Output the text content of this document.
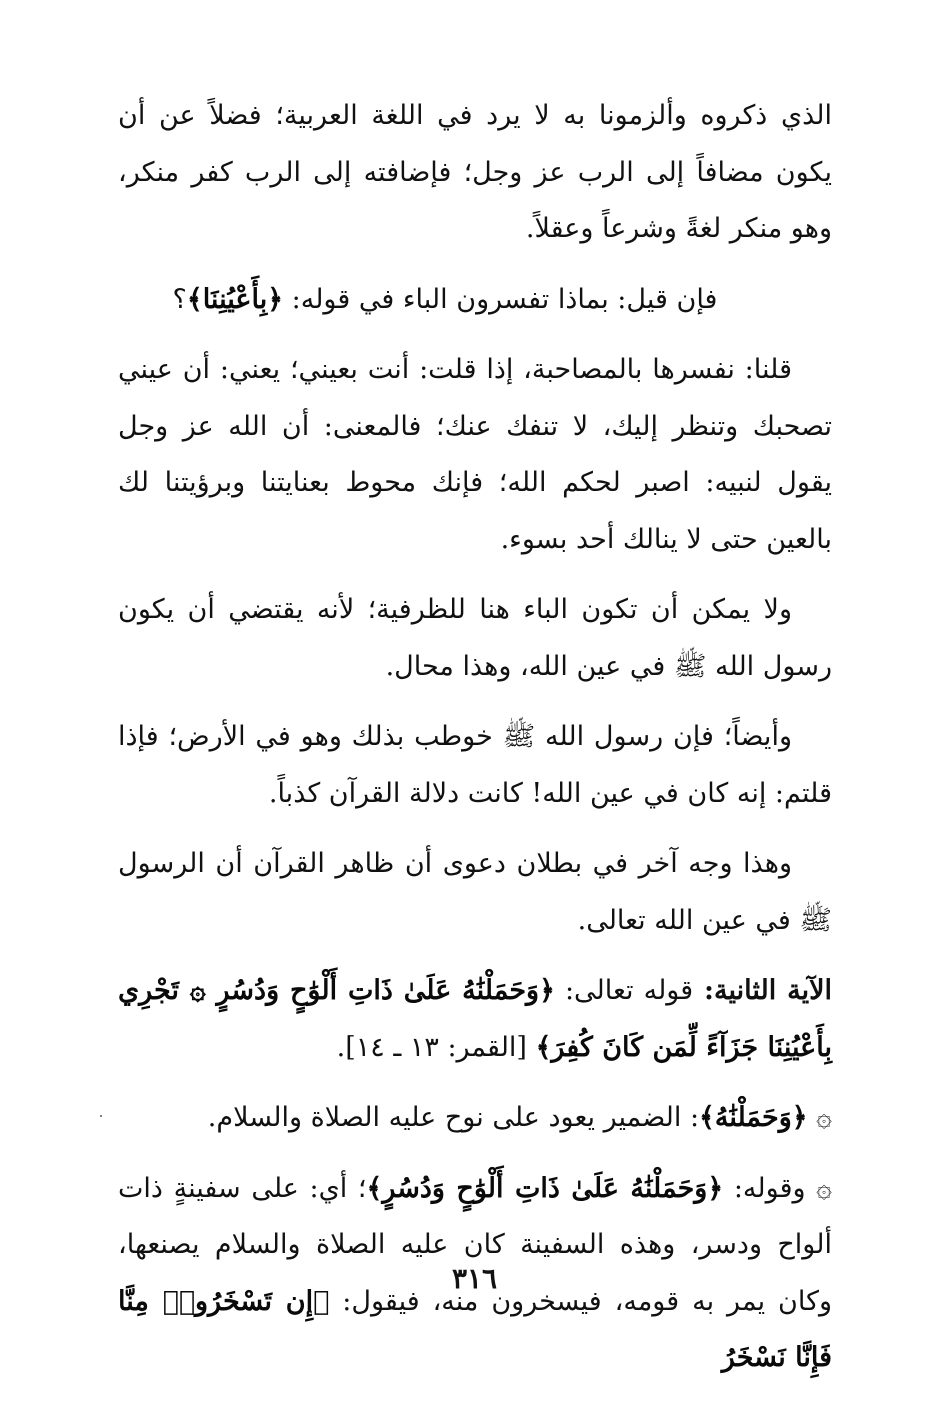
الذي ذكروه وألزمونا به لا يرد في اللغة العربية؛ فضلاً عن أن يكون مضافاً إلى الرب عز وجل؛ فإضافته إلى الرب كفر منكر، وهو منكر لغةً وشرعاً وعقلاً.

فإن قيل: بماذا تفسرون الباء في قوله: ﴿بِأَعْيُنِنَا﴾؟

قلنا: نفسرها بالمصاحبة، إذا قلت: أنت بعيني؛ يعني: أن عيني تصحبك وتنظر إليك، لا تنفك عنك؛ فالمعنى: أن الله عز وجل يقول لنبيه: اصبر لحكم الله؛ فإنك محوط بعنايتنا وبرؤيتنا لك بالعين حتى لا ينالك أحد بسوء.

ولا يمكن أن تكون الباء هنا للظرفية؛ لأنه يقتضي أن يكون رسول الله ﷺ في عين الله، وهذا محال.

وأيضاً؛ فإن رسول الله ﷺ خوطب بذلك وهو في الأرض؛ فإذا قلتم: إنه كان في عين الله! كانت دلالة القرآن كذباً.

وهذا وجه آخر في بطلان دعوى أن ظاهر القرآن أن الرسول ﷺ في عين الله تعالى.

الآية الثانية: قوله تعالى: ﴿وَحَمَلْنَٰهُ عَلَىٰ ذَاتِ أَلْوَٰحٍ وَدُسُرٍ ۞ تَجْرِي بِأَعْيُنِنَا جَزَآءً لِّمَن كَانَ كُفِرَ﴾ [القمر: ١٣ ـ ١٤].

۞ ﴿وَحَمَلْنَٰهُ﴾: الضمير يعود على نوح عليه الصلاة والسلام.

۞ وقوله: ﴿وَحَمَلْنَٰهُ عَلَىٰ ذَاتِ أَلْوَٰحٍ وَدُسُرٍ﴾؛ أي: على سفينةٍ ذات ألواح ودسر، وهذه السفينة كان عليه الصلاة والسلام يصنعها، وكان يمر به قومه، فيسخرون منه، فيقول: ﴿إِن تَسْخَرُوا۟ مِنَّا فَإِنَّا نَسْخَرُ

٣١٦
